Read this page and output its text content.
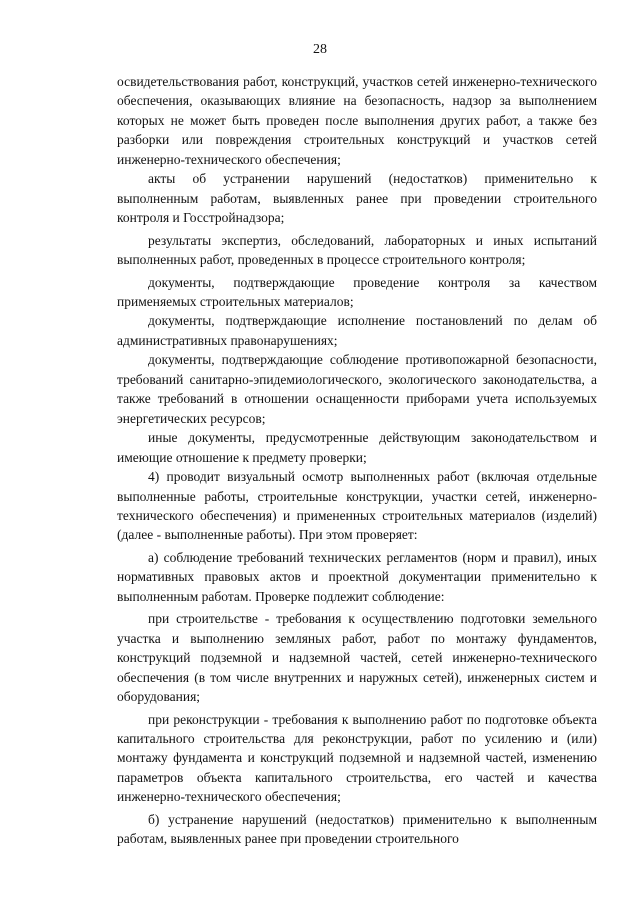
28

освидетельствования работ, конструкций, участков сетей инженерно-технического обеспечения, оказывающих влияние на безопасность, надзор за выполнением которых не может быть проведен после выполнения других работ, а также без разборки или повреждения строительных конструкций и участков сетей инженерно-технического обеспечения;

акты об устранении нарушений (недостатков) применительно к выполненным работам, выявленных ранее при проведении строительного контроля и Госстройнадзора;

результаты экспертиз, обследований, лабораторных и иных испытаний выполненных работ, проведенных в процессе строительного контроля;

документы, подтверждающие проведение контроля за качеством применяемых строительных материалов;

документы, подтверждающие исполнение постановлений по делам об административных правонарушениях;

документы, подтверждающие соблюдение противопожарной безопасности, требований санитарно-эпидемиологического, экологического законодательства, а также требований в отношении оснащенности приборами учета используемых энергетических ресурсов;

иные документы, предусмотренные действующим законодательством и имеющие отношение к предмету проверки;

4) проводит визуальный осмотр выполненных работ (включая отдельные выполненные работы, строительные конструкции, участки сетей, инженерно-технического обеспечения) и примененных строительных материалов (изделий) (далее - выполненные работы). При этом проверяет:

а) соблюдение требований технических регламентов (норм и правил), иных нормативных правовых актов и проектной документации применительно к выполненным работам. Проверке подлежит соблюдение:

при строительстве - требования к осуществлению подготовки земельного участка и выполнению земляных работ, работ по монтажу фундаментов, конструкций подземной и надземной частей, сетей инженерно-технического обеспечения (в том числе внутренних и наружных сетей), инженерных систем и оборудования;

при реконструкции - требования к выполнению работ по подготовке объекта капитального строительства для реконструкции, работ по усилению и (или) монтажу фундамента и конструкций подземной и надземной частей, изменению параметров объекта капитального строительства, его частей и качества инженерно-технического обеспечения;

б) устранение нарушений (недостатков) применительно к выполненным работам, выявленных ранее при проведении строительного
